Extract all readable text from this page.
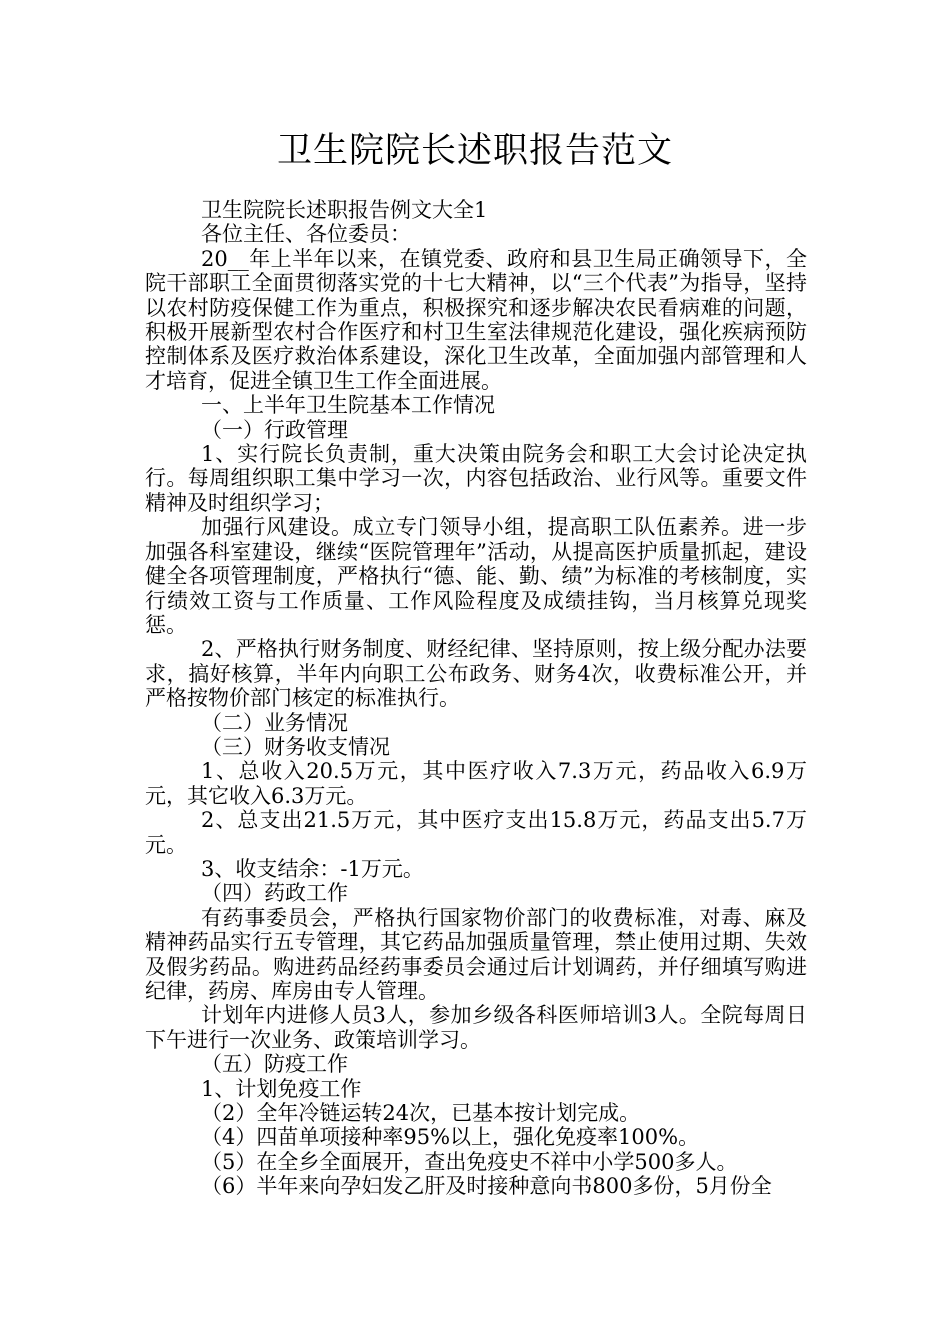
卫生院院长述职报告范文

卫生院院长述职报告例文大全1

各位主任、各位委员：

20__年上半年以来，在镇党委、政府和县卫生局正确领导下，全院干部职工全面贯彻落实党的十七大精神，以“三个代表”为指导，坚持以农村防疫保健工作为重点，积极探究和逐步解决农民看病难的问题，积极开展新型农村合作医疗和村卫生室法律规范化建设，强化疾病预防控制体系及医疗救治体系建设，深化卫生改革，全面加强内部管理和人才培育，促进全镇卫生工作全面进展。

一、上半年卫生院基本工作情况

（一）行政管理

1、实行院长负责制，重大决策由院务会和职工大会讨论决定执行。每周组织职工集中学习一次，内容包括政治、业行风等。重要文件精神及时组织学习；

加强行风建设。成立专门领导小组，提高职工队伍素养。进一步加强各科室建设，继续“医院管理年”活动，从提高医护质量抓起，建设健全各项管理制度，严格执行“德、能、勤、绩”为标准的考核制度，实行绩效工资与工作质量、工作风险程度及成绩挂钩，当月核算兑现奖惩。

2、严格执行财务制度、财经纪律、坚持原则，按上级分配办法要求，搞好核算，半年内向职工公布政务、财务4次，收费标准公开，并严格按物价部门核定的标准执行。

（二）业务情况

（三）财务收支情况

1、总收入20.5万元，其中医疗收入7.3万元，药品收入6.9万元，其它收入6.3万元。

2、总支出21.5万元，其中医疗支出15.8万元，药品支出5.7万元。

3、收支结余：-1万元。

（四）药政工作

有药事委员会，严格执行国家物价部门的收费标准，对毒、麻及精神药品实行五专管理，其它药品加强质量管理，禁止使用过期、失效及假劣药品。购进药品经药事委员会通过后计划调药，并仔细填写购进纪律，药房、库房由专人管理。

计划年内进修人员3人，参加乡级各科医师培训3人。全院每周日下午进行一次业务、政策培训学习。

（五）防疫工作

1、计划免疫工作

（2）全年冷链运转24次，已基本按计划完成。

（4）四苗单项接种率95%以上，强化免疫率100%。

（5）在全乡全面展开，查出免疫史不祥中小学500多人。

（6）半年来向孕妇发乙肝及时接种意向书800多份，5月份全
